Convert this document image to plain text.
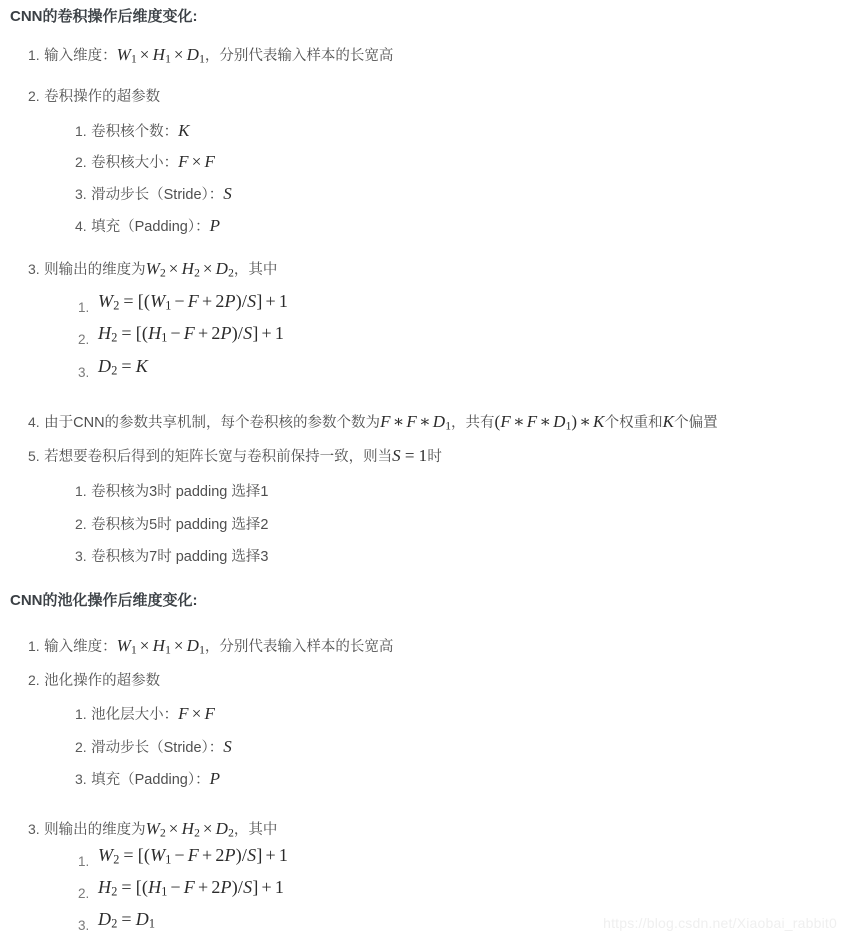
CNN的卷积操作后维度变化:
1. 输入维度：$W_1 \times H_1 \times D_1$，分别代表输入样本的长宽高
2. 卷积操作的超参数
1. 卷积核个数：K
2. 卷积核大小：F × F
3. 滑动步长（Stride）：S
4. 填充（Padding）：P
3. 则输出的维度为$W_2 \times H_2 \times D_2$，其中
1. $W_2 = [(W_1 - F + 2P)/S] + 1$
2. $H_2 = [(H_1 - F + 2P)/S] + 1$
3. $D_2 = K$
4. 由于CNN的参数共享机制，每个卷积核的参数个数为F ∗ F ∗ $D_1$，共有(F ∗ F ∗ $D_1$) ∗ K个权重和K个偏置
5. 若想要卷积后得到的矩阵长宽与卷积前保持一致，则当S = 1时
1. 卷积核为3时 padding 选择1
2. 卷积核为5时 padding 选择2
3. 卷积核为7时 padding 选择3
CNN的池化操作后维度变化:
1. 输入维度：$W_1 \times H_1 \times D_1$，分别代表输入样本的长宽高
2. 池化操作的超参数
1. 池化层大小：F × F
2. 滑动步长（Stride）：S
3. 填充（Padding）：P
3. 则输出的维度为$W_2 \times H_2 \times D_2$，其中
1. $W_2 = [(W_1 - F + 2P)/S] + 1$
2. $H_2 = [(H_1 - F + 2P)/S] + 1$
3. $D_2 = D_1$	https://blog.csdn.net/Xiaobai_rabbit0
